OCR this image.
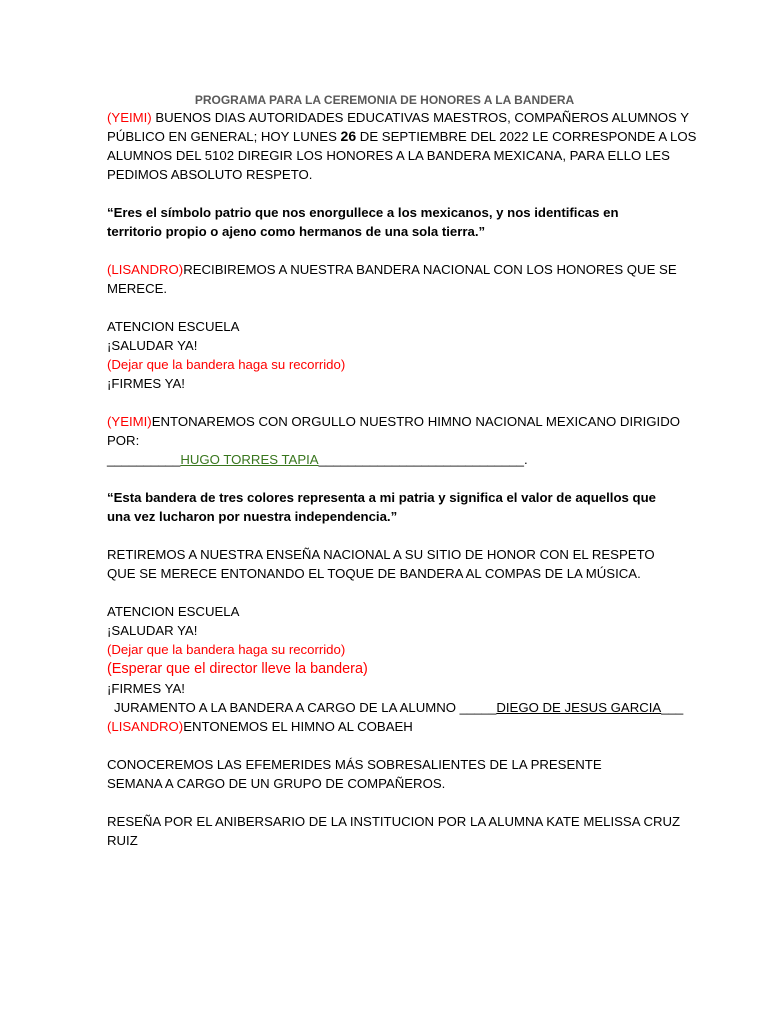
PROGRAMA PARA LA CEREMONIA DE HONORES A LA BANDERA

(YEIMI) BUENOS DIAS AUTORIDADES EDUCATIVAS MAESTROS, COMPAÑEROS ALUMNOS Y

PÚBLICO EN GENERAL; HOY LUNES 26 DE SEPTIEMBRE DEL 2022 LE CORRESPONDE A LOS

ALUMNOS DEL 5102 DIREGIR LOS HONORES A LA BANDERA MEXICANA, PARA ELLO LES

PEDIMOS ABSOLUTO RESPETO.

“Eres el símbolo patrio que nos enorgullece a los mexicanos, y nos identificas en

territorio propio o ajeno como hermanos de una sola tierra.”

(LISANDRO)RECIBIREMOS A NUESTRA BANDERA NACIONAL CON LOS HONORES QUE SE

MERECE.

ATENCION ESCUELA

¡SALUDAR YA!

(Dejar que la bandera haga su recorrido)

¡FIRMES YA!

(YEIMI)ENTONAREMOS CON ORGULLO NUESTRO HIMNO NACIONAL MEXICANO DIRIGIDO

POR:

__________HUGO TORRES TAPIA____________________________.

“Esta bandera de tres colores representa a mi patria y significa el valor de aquellos que

una vez lucharon por nuestra independencia.”

RETIREMOS A NUESTRA ENSEÑA NACIONAL A SU SITIO DE HONOR CON EL RESPETO

QUE SE MERECE ENTONANDO EL TOQUE DE BANDERA AL COMPAS DE LA MÚSICA.

ATENCION ESCUELA

¡SALUDAR YA!

(Dejar que la bandera haga su recorrido)

(Esperar que el director lleve la bandera)

¡FIRMES YA!

JURAMENTO A LA BANDERA A CARGO DE LA ALUMNO _____DIEGO DE JESUS GARCIA___

(LISANDRO)ENTONEMOS EL HIMNO AL COBAEH

CONOCEREMOS LAS EFEMERIDES MÁS SOBRESALIENTES DE LA PRESENTE

SEMANA A CARGO DE UN GRUPO DE COMPAÑEROS.

RESEÑA POR EL ANIBERSARIO DE LA INSTITUCION POR LA ALUMNA KATE MELISSA CRUZ

RUIZ
